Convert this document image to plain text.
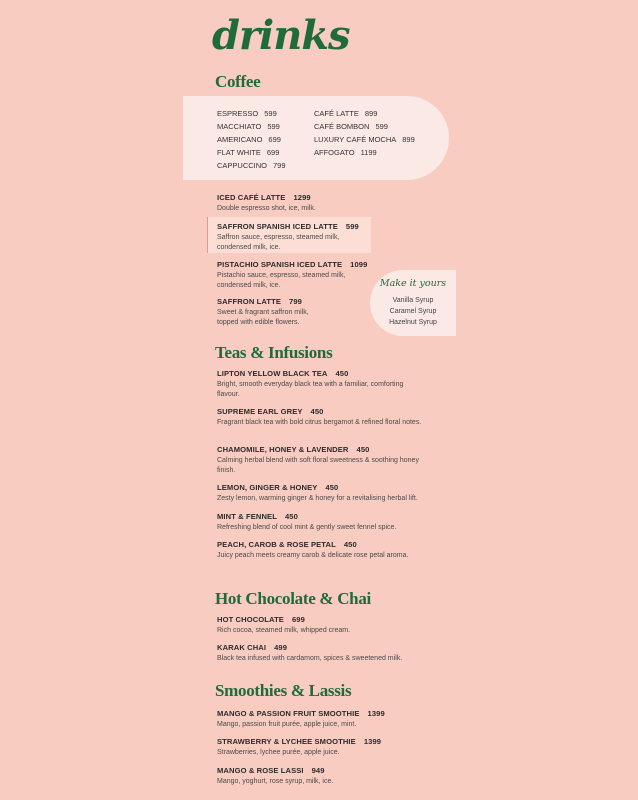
drinks
Coffee
ESPRESSO 599
MACCHIATO 599
AMERICANO 699
FLAT WHITE 699
CAPPUCCINO 799
CAFÉ LATTE 899
CAFÉ BOMBON 599
LUXURY CAFÉ MOCHA 899
AFFOGATO 1199
ICED CAFÉ LATTE 1299
Double espresso shot, ice, milk.
SAFFRON SPANISH ICED LATTE 599
Saffron sauce, espresso, steamed milk, condensed milk, ice.
PISTACHIO SPANISH ICED LATTE 1099
Pistachio sauce, espresso, steamed milk, condensed milk, ice.
SAFFRON LATTE 799
Sweet & fragrant saffron milk, topped with edible flowers.
Make it yours
Vanilla Syrup
Caramel Syrup
Hazelnut Syrup
Teas & Infusions
LIPTON YELLOW BLACK TEA 450
Bright, smooth everyday black tea with a familiar, comforting flavour.
SUPREME EARL GREY 450
Fragrant black tea with bold citrus bergamot & refined floral notes.
CHAMOMILE, HONEY & LAVENDER 450
Calming herbal blend with soft floral sweetness & soothing honey finish.
LEMON, GINGER & HONEY 450
Zesty lemon, warming ginger & honey for a revitalising herbal lift.
MINT & FENNEL 450
Refreshing blend of cool mint & gently sweet fennel spice.
PEACH, CAROB & ROSE PETAL 450
Juicy peach meets creamy carob & delicate rose petal aroma.
Hot Chocolate & Chai
HOT CHOCOLATE 699
Rich cocoa, steamed milk, whipped cream.
KARAK CHAI 499
Black tea infused with cardamom, spices & sweetened milk.
Smoothies & Lassis
MANGO & PASSION FRUIT SMOOTHIE 1399
Mango, passion fruit purée, apple juice, mint.
STRAWBERRY & LYCHEE SMOOTHIE 1399
Strawberries, lychee purée, apple juice.
MANGO & ROSE LASSI 949
Mango, yoghurt, rose syrup, milk, ice.
